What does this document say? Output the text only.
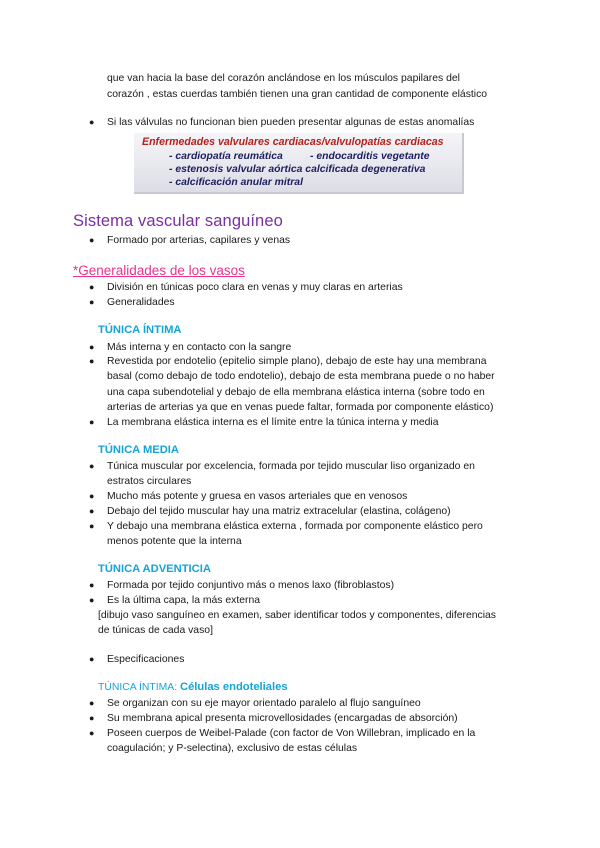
que van hacia la base del corazón anclándose en los músculos papilares del
corazón , estas cuerdas también tienen una gran cantidad de componente elástico
● Si las válvulas no funcionan bien pueden presentar algunas de estas anomalías
Enfermedades valvulares cardiacas/valvulopatías cardiacas
- cardiopatía reumática	- endocarditis vegetante
- estenosis valvular aórtica calcificada degenerativa
- calcificación anular mitral
Sistema vascular sanguíneo
● Formado por arterias, capilares y venas
*Generalidades de los vasos
● División en túnicas poco clara en venas y muy claras en arterias
● Generalidades
TÚNICA ÍNTIMA
● Más interna y en contacto con la sangre
● Revestida por endotelio (epitelio simple plano), debajo de este hay una membrana
basal (como debajo de todo endotelio), debajo de esta membrana puede o no haber
una capa subendotelial y debajo de ella membrana elástica interna (sobre todo en
arterias de arterias ya que en venas puede faltar, formada por componente elástico)
● La membrana elástica interna es el límite entre la túnica interna y media
TÚNICA MEDIA
● Túnica muscular por excelencia, formada por tejido muscular liso organizado en
estratos circulares
● Mucho más potente y gruesa en vasos arteriales que en venosos
● Debajo del tejido muscular hay una matriz extracelular (elastina, colágeno)
● Y debajo una membrana elástica externa , formada por componente elástico pero
menos potente que la interna
TÚNICA ADVENTICIA
● Formada por tejido conjuntivo más o menos laxo (fibroblastos)
● Es la última capa, la más externa
[dibujo vaso sanguíneo en examen, saber identificar todos y componentes, diferencias
de túnicas de cada vaso]
● Especificaciones
TÚNICA ÍNTIMA: Células endoteliales
● Se organizan con su eje mayor orientado paralelo al flujo sanguíneo
● Su membrana apical presenta microvellosidades (encargadas de absorción)
● Poseen cuerpos de Weibel-Palade (con factor de Von Willebran, implicado en la
coagulación; y P-selectina), exclusivo de estas células
